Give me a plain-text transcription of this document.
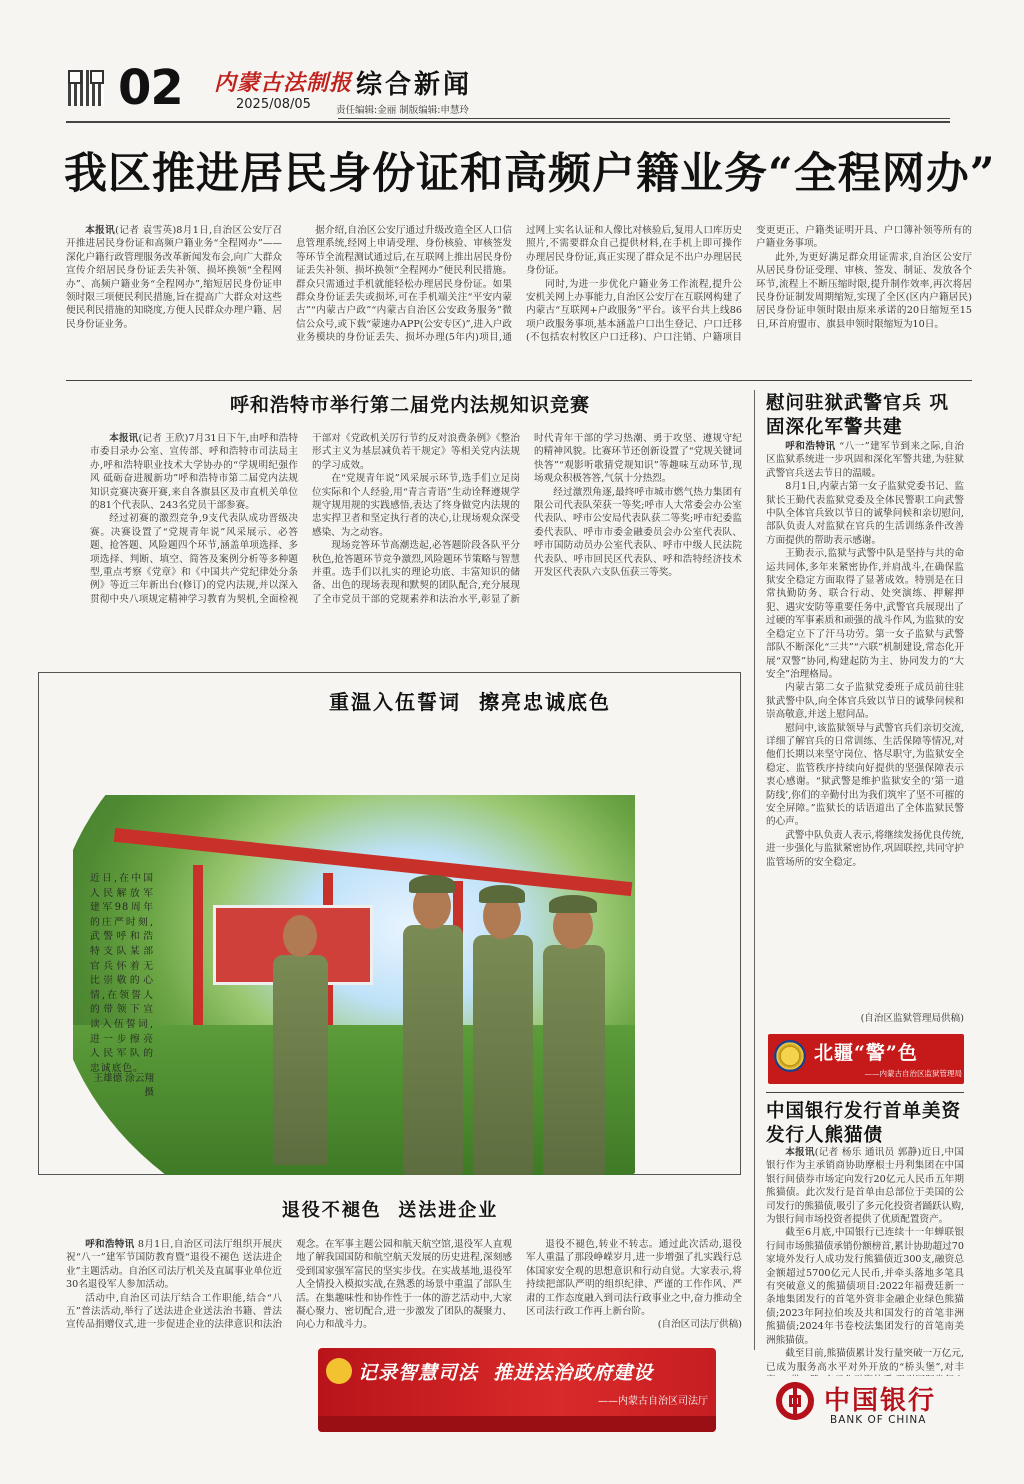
02 内蒙古法制报
2025/08/05
综合新闻
责任编辑:金丽 制版编辑:申慧玲
我区推进居民身份证和高频户籍业务“全程网办”

本报讯(记者 袁雪英)8月1日,自治区公安厅召开推进居民身份证和高频户籍业务“全程网办”——深化户籍行政管理服务改革新闻发布会,向广大群众宣传介绍居民身份证丢失补领、损坏换领“全程网办”、高频户籍业务“全程网办”,缩短居民身份证申领时限三项便民利民措施,旨在提高广大群众对这些便民利民措施的知晓度,方便人民群众办理户籍、居民身份证业务。

据介绍,自治区公安厅通过升级改造全区人口信息管理系统,经网上申请受理、身份核验、审核签发等环节全流程测试通过后,在互联网上推出居民身份证丢失补领、损坏换领“全程网办”便民利民措施。群众只需通过手机就能轻松办理居民身份证。如果群众身份证丢失或损坏,可在手机端关注“平安内蒙古”“内蒙古户政”“内蒙古自治区公安政务服务”微信公众号,或下载“蒙速办APP(公安专区)”,进入户政业务模块的身份证丢失、损坏办理(5年内)项目,通过网上实名认证和人像比对核验后,复用人口库历史照片,不需要群众自己提供材料,在手机上即可操作办理居民身份证,真正实现了群众足不出户办理居民身份证。

同时,为进一步优化户籍业务工作流程,提升公安机关网上办事能力,自治区公安厅在互联网构建了内蒙古“互联网+户政服务”平台。该平台共上线86项户政服务事项,基本涵盖户口出生登记、户口迁移(不包括农村牧区户口迁移)、户口注销、户籍项目变更更正、户籍类证明开具、户口簿补领等所有的户籍业务事项。

此外,为更好满足群众用证需求,自治区公安厅从居民身份证受理、审核、签发、制证、发放各个环节,流程上不断压缩时限,提升制作效率,再次将居民身份证制发周期缩短,实现了全区(区内户籍居民)居民身份证申领时限由原来承诺的20日缩短至15日,环首府盟市、旗县申领时限缩短为10日。

呼和浩特市举行第二届党内法规知识竞赛

本报讯(记者 王欣)7月31日下午,由呼和浩特市委目录办公室、宣传部、呼和浩特市司法局主办,呼和浩特职业技术大学协办的“学规明纪强作风 砥砺奋进履新功”呼和浩特市第二届党内法规知识竞赛决赛开赛,来自各旗县区及市直机关单位的81个代表队、243名党员干部参赛。

经过初赛的激烈竞争,9支代表队成功晋级决赛。决赛设置了“党规青年说”风采展示、必答题、抢答题、风险题四个环节,涵盖单项选择、多项选择、判断、填空、简答及案例分析等多种题型,重点考察《党章》和《中国共产党纪律处分条例》等近三年新出台(修订)的党内法规,并以深入贯彻中央八项规定精神学习教育为契机,全面检视干部对《党政机关厉行节约反对浪费条例》《整治形式主义为基层减负若干规定》等相关党内法规的学习成效。

在“党规青年说”风采展示环节,选手们立足岗位实际和个人经验,用“青言青语”生动诠释遵规学规守规用规的实践感悟,表达了终身做党内法规的忠实捍卫者和坚定执行者的决心,让现场观众深受感染、为之动容。

现场竞答环节高潮迭起,必答题阶段各队平分秋色,抢答题环节竞争激烈,风险题环节策略与智慧并重。选手们以扎实的理论功底、丰富知识的储备、出色的现场表现和默契的团队配合,充分展现了全市党员干部的党规素养和法治水平,彰显了新时代青年干部的学习热潮、勇于攻坚、遵规守纪的精神风貌。比赛环节还创新设置了“党规关键词快答”“观影听歌猜党规知识”等趣味互动环节,现场观众积极答答,气氛十分热烈。

经过激烈角逐,最终呼市城市燃气热力集团有限公司代表队荣获一等奖;呼市人大常委会办公室代表队、呼市公安局代表队获二等奖;呼市纪委监委代表队、呼市市委金融委员会办公室代表队、呼市国防动员办公室代表队、呼市中级人民法院代表队、呼市回民区代表队、呼和浩特经济技术开发区代表队六支队伍获三等奖。

重温入伍誓词  擦亮忠诚底色
近日,在中国人民解放军建军98周年的庄严时刻,武警呼和浩特支队某部官兵怀着无比崇敬的心情,在领誓人的带领下宣读入伍誓词,进一步擦亮人民军队的忠诚底色。
王雄德 涂云翔 摄
退役不褪色  送法进企业

呼和浩特讯 8月1日,自治区司法厅组织开展庆祝“八一”建军节国防教育暨“退役不褪色 送法进企业”主题活动。自治区司法厅机关及直属事业单位近30名退役军人参加活动。

活动中,自治区司法厅结合工作职能,结合“八五”普法活动,举行了送法进企业送法治书籍、普法宣传品捐赠仪式,进一步促进企业的法律意识和法治观念。在军事主题公园和航天航空馆,退役军人直观地了解我国国防和航空航天发展的历史进程,深刻感受到国家强军富民的坚实步伐。在实战基地,退役军人全情投入模拟实战,在熟悉的场景中重温了部队生活。在集趣味性和协作性于一体的游艺活动中,大家凝心聚力、密切配合,进一步激发了团队的凝聚力、向心力和战斗力。

退役不褪色,转业不转志。通过此次活动,退役军人重温了那段峥嵘岁月,进一步增强了扎实践行总体国家安全观的思想意识和行动自觉。大家表示,将持续把部队严明的组织纪律、严谨的工作作风、严肃的工作态度融入到司法行政事业之中,奋力推动全区司法行政工作再上新台阶。

(自治区司法厅供稿)

记录智慧司法  推进法治政府建设
——内蒙古自治区司法厅
慰问驻狱武警官兵 巩固深化军警共建

呼和浩特讯 “八一”建军节到来之际,自治区监狱系统进一步巩固和深化军警共建,为驻狱武警官兵送去节日的温暖。

8月1日,内蒙古第一女子监狱党委书记、监狱长王勤代表监狱党委及全体民警职工向武警中队全体官兵致以节日的诚挚问候和亲切慰问,部队负责人对监狱在官兵的生活训练条件改善方面提供的帮助表示感谢。

王勤表示,监狱与武警中队是坚持与共的命运共同体,多年来紧密协作,并肩战斗,在确保监狱安全稳定方面取得了显著成效。特别是在日常执勤防务、联合行动、处突演练、押解押犯、遇灾安防等重要任务中,武警官兵展现出了过硬的军事素质和顽强的战斗作风,为监狱的安全稳定立下了汗马功劳。第一女子监狱与武警部队不断深化“三共”“六联”机制建设,常态化开展“双警”协同,构建起防为主、协同发力的“大安全”治理格局。

内蒙古第二女子监狱党委班子成员前往驻狱武警中队,向全体官兵致以节日的诚挚问候和崇高敬意,并送上慰问品。

慰问中,该监狱领导与武警官兵们亲切交流,详细了解官兵的日常训练、生活保障等情况,对他们长期以来坚守岗位、恪尽职守,为监狱安全稳定、监管秩序持续向好提供的坚强保障表示衷心感谢。“狱武警是维护监狱安全的‘第一道防线’,你们的辛勤付出为我们筑牢了坚不可摧的安全屏障。”监狱长的话语道出了全体监狱民警的心声。

武警中队负责人表示,将继续发扬优良传统,进一步强化与监狱紧密协作,巩固联控,共同守护监管场所的安全稳定。

(自治区监狱管理局供稿)
北疆“警”色
——内蒙古自治区监狱管理局
中国银行发行首单美资发行人熊猫债

本报讯(记者 杨乐 通讯员 郭静)近日,中国银行作为主承销商协助摩根士丹利集团在中国银行间债券市场定向发行20亿元人民币五年期熊猫债。此次发行是首单由总部位于美国的公司发行的熊猫债,吸引了多元化投资者踊跃认购,为银行间市场投资者提供了优质配置资产。

截至6月底,中国银行已连续十一年蝉联银行间市场熊猫债承销份额榜首,累计协助超过70家境外发行人成功发行熊猫债近300支,融资总金额超过5700亿元人民币,并牵头落地多笔具有突破意义的熊猫债项目:2022年福费廷新一条地集团发行的首笔外资非金融企业绿色熊猫债;2023年阿拉伯埃及共和国发行的首笔非洲熊猫债;2024年书卷校法集团发行的首笔南美洲熊猫债。

截至目前,熊猫债累计发行量突破一万亿元,已成为服务高水平对外开放的“桥头堡”,对丰

中国银行
BANK OF CHINA
